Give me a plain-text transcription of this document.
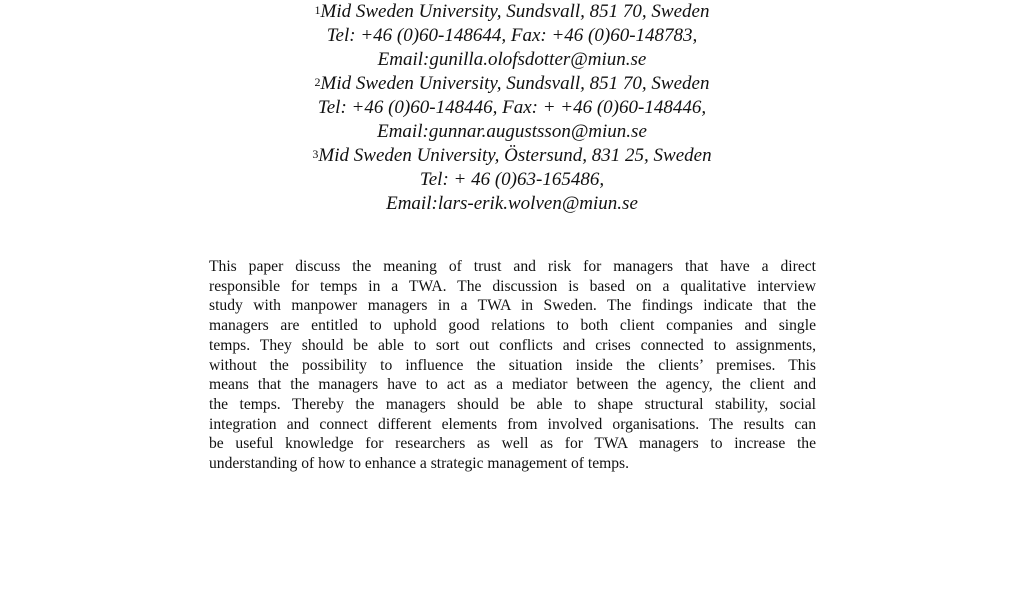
$^1$Mid Sweden University, Sundsvall, 851 70, Sweden
Tel: +46 (0)60-148644, Fax: +46 (0)60-148783,
Email:gunilla.olofsdotter@miun.se
$^2$Mid Sweden University, Sundsvall, 851 70, Sweden
Tel: +46 (0)60-148446, Fax: + +46 (0)60-148446,
Email:gunnar.augustsson@miun.se
$^3$Mid Sweden University, Östersund, 831 25, Sweden
Tel: + 46 (0)63-165486,
Email:lars-erik.wolven@miun.se
This paper discuss the meaning of trust and risk for managers that have a direct
responsible for temps in a TWA. The discussion is based on a qualitative interview
study with manpower managers in a TWA in Sweden. The findings indicate that the
managers are entitled to uphold good relations to both client companies and single
temps. They should be able to sort out conflicts and crises connected to assignments,
without the possibility to influence the situation inside the clients’ premises. This
means that the managers have to act as a mediator between the agency, the client and
the temps. Thereby the managers should be able to shape structural stability, social
integration and connect different elements from involved organisations. The results can
be useful knowledge for researchers as well as for TWA managers to increase the
understanding of how to enhance a strategic management of temps.
